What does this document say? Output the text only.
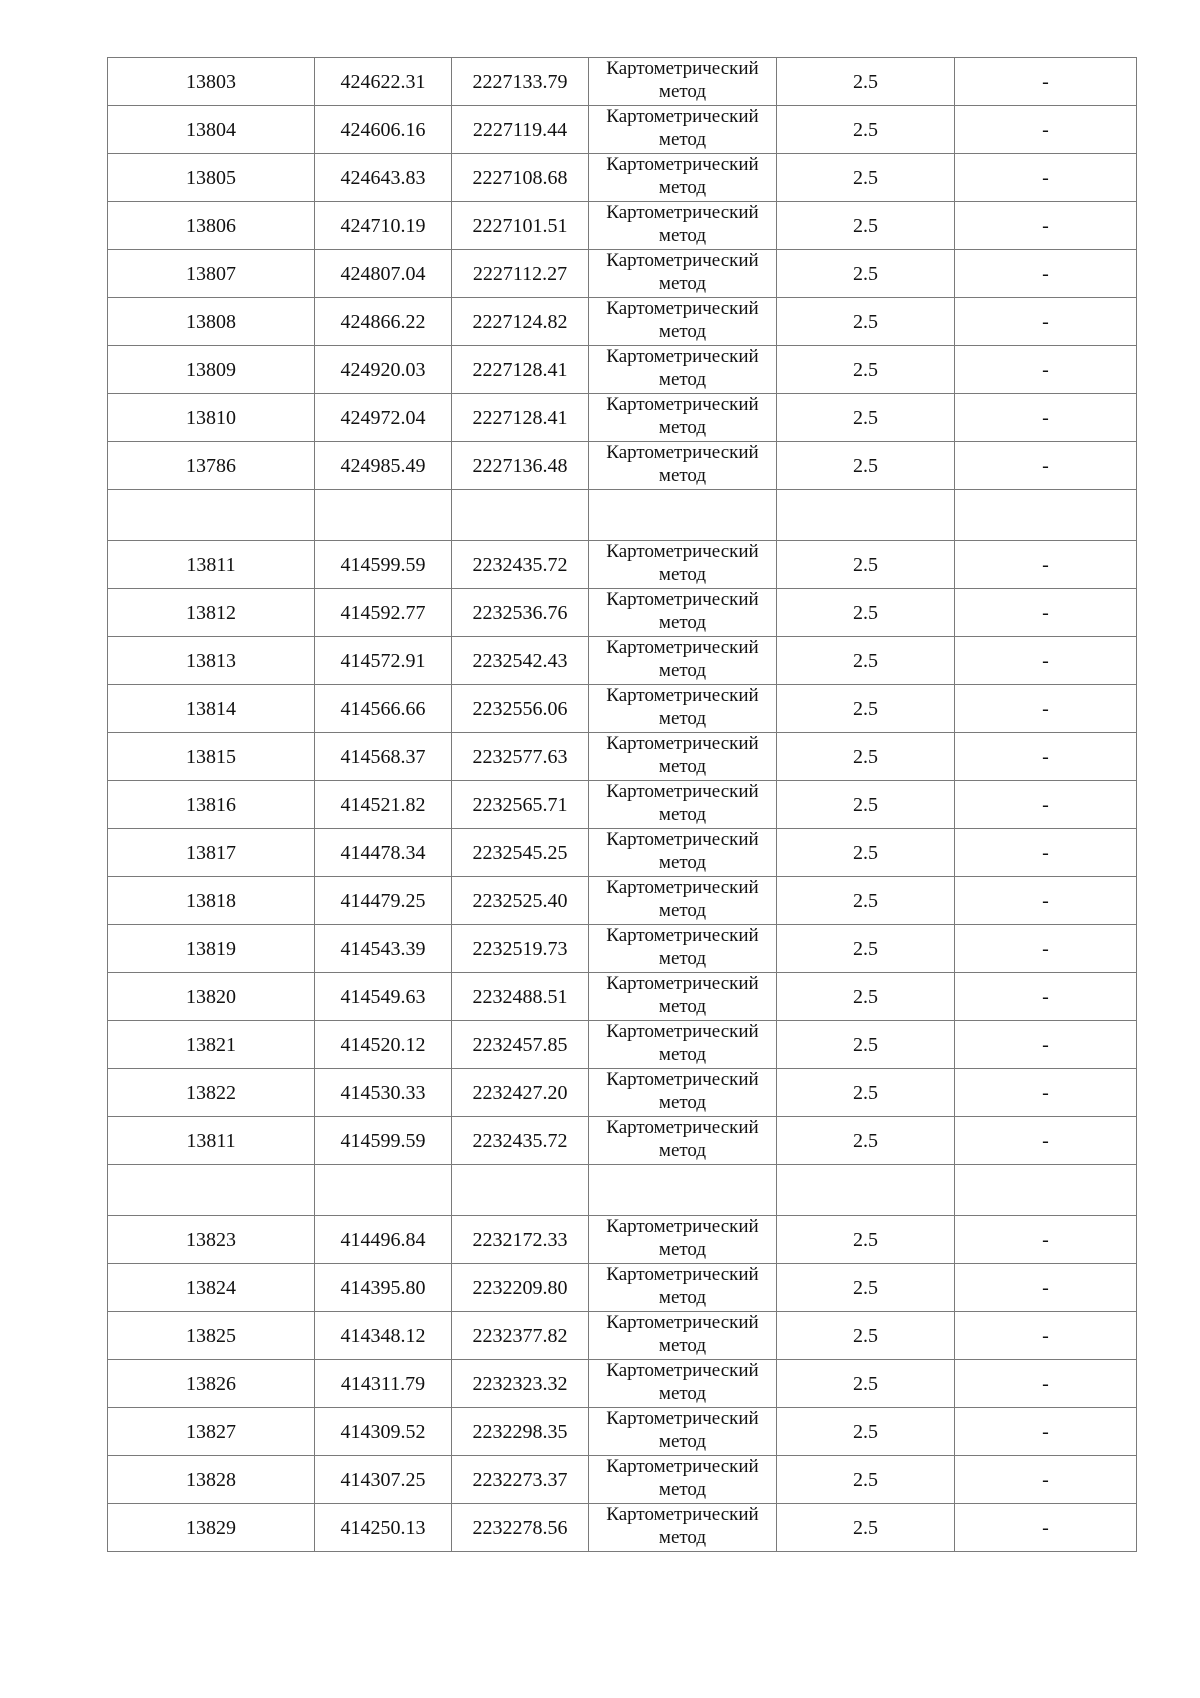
13803	424622.31	2227133.79	Картометрический
метод	2.5	-
13804	424606.16	2227119.44	Картометрический
метод	2.5	-
13805	424643.83	2227108.68	Картометрический
метод	2.5	-
13806	424710.19	2227101.51	Картометрический
метод	2.5	-
13807	424807.04	2227112.27	Картометрический
метод	2.5	-
13808	424866.22	2227124.82	Картометрический
метод	2.5	-
13809	424920.03	2227128.41	Картометрический
метод	2.5	-
13810	424972.04	2227128.41	Картометрический
метод	2.5	-
13786	424985.49	2227136.48	Картометрический
метод	2.5	-

13811	414599.59	2232435.72	Картометрический
метод	2.5	-
13812	414592.77	2232536.76	Картометрический
метод	2.5	-
13813	414572.91	2232542.43	Картометрический
метод	2.5	-
13814	414566.66	2232556.06	Картометрический
метод	2.5	-
13815	414568.37	2232577.63	Картометрический
метод	2.5	-
13816	414521.82	2232565.71	Картометрический
метод	2.5	-
13817	414478.34	2232545.25	Картометрический
метод	2.5	-
13818	414479.25	2232525.40	Картометрический
метод	2.5	-
13819	414543.39	2232519.73	Картометрический
метод	2.5	-
13820	414549.63	2232488.51	Картометрический
метод	2.5	-
13821	414520.12	2232457.85	Картометрический
метод	2.5	-
13822	414530.33	2232427.20	Картометрический
метод	2.5	-
13811	414599.59	2232435.72	Картометрический
метод	2.5	-

13823	414496.84	2232172.33	Картометрический
метод	2.5	-
13824	414395.80	2232209.80	Картометрический
метод	2.5	-
13825	414348.12	2232377.82	Картометрический
метод	2.5	-
13826	414311.79	2232323.32	Картометрический
метод	2.5	-
13827	414309.52	2232298.35	Картометрический
метод	2.5	-
13828	414307.25	2232273.37	Картометрический
метод	2.5	-
13829	414250.13	2232278.56	Картометрический
метод	2.5	-
